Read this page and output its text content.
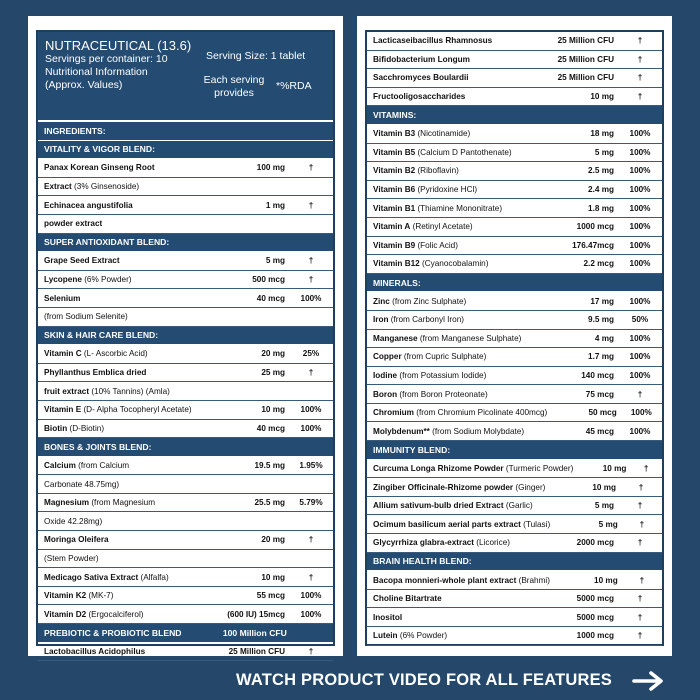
NUTRACEUTICAL (13.6)
Servings per container: 10
Nutritional Information
(Approx. Values)
Serving Size: 1 tablet
Each serving
provides
*%RDA
INGREDIENTS:
VITALITY & VIGOR BLEND:
Panax Korean Ginseng Root	100 mg	†
Extract (3% Ginsenoside)
Echinacea angustifolia	1 mg	†
powder extract
SUPER ANTIOXIDANT BLEND:
Grape Seed Extract	5 mg	†
Lycopene (6% Powder)	500 mcg	†
Selenium	40 mcg	100%
(from Sodium Selenite)
SKIN & HAIR CARE BLEND:
Vitamin C (L- Ascorbic Acid)	20 mg	25%
Phyllanthus Emblica dried	25 mg	†
fruit extract (10% Tannins) (Amla)
Vitamin E (D- Alpha Tocopheryl Acetate)	10 mg	100%
Biotin (D-Biotin)	40 mcg	100%
BONES & JOINTS BLEND:
Calcium (from Calcium	19.5 mg	1.95%
Carbonate 48.75mg)
Magnesium (from Magnesium	25.5 mg	5.79%
Oxide 42.28mg)
Moringa Oleifera	20 mg	†
(Stem Powder)
Medicago Sativa Extract (Alfalfa)	10 mg	†
Vitamin K2 (MK-7)	55 mcg	100%
Vitamin D2 (Ergocalciferol)	(600 IU) 15mcg	100%
PREBIOTIC & PROBIOTIC BLEND	100 Million CFU
Lactobacillus Acidophilus	25 Million CFU	†
Lacticaseibacillus Rhamnosus	25 Million CFU	†
Bifidobacterium Longum	25 Million CFU	†
Sacchromyces Boulardii	25 Million CFU	†
Fructooligosaccharides	10 mg	†
VITAMINS:
Vitamin B3 (Nicotinamide)	18 mg	100%
Vitamin B5 (Calcium D Pantothenate)	5 mg	100%
Vitamin B2 (Riboflavin)	2.5 mg	100%
Vitamin B6 (Pyridoxine HCl)	2.4 mg	100%
Vitamin B1 (Thiamine Mononitrate)	1.8 mg	100%
Vitamin A (Retinyl Acetate)	1000 mcg	100%
Vitamin B9 (Folic Acid)	176.47mcg	100%
Vitamin B12 (Cyanocobalamin)	2.2 mcg	100%
MINERALS:
Zinc (from Zinc Sulphate)	17 mg	100%
Iron (from Carbonyl Iron)	9.5 mg	50%
Manganese (from Manganese Sulphate)	4 mg	100%
Copper (from Cupric Sulphate)	1.7 mg	100%
Iodine (from Potassium Iodide)	140 mcg	100%
Boron (from Boron Proteonate)	75 mcg	†
Chromium (from Chromium Picolinate 400mcg)	50 mcg	100%
Molybdenum** (from Sodium Molybdate)	45 mcg	100%
IMMUNITY BLEND:
Curcuma Longa Rhizome Powder (Turmeric Powder)	10 mg	†
Zingiber Officinale-Rhizome powder (Ginger)	10 mg	†
Allium sativum-bulb dried Extract (Garlic)	5 mg	†
Ocimum basilicum aerial parts extract (Tulasi)	5 mg	†
Glycyrrhiza glabra-extract (Licorice)	2000 mcg	†
BRAIN HEALTH BLEND:
Bacopa monnieri-whole plant extract (Brahmi)	10 mg	†
Choline Bitartrate	5000 mcg	†
Inositol	5000 mcg	†
Lutein (6% Powder)	1000 mcg	†
WATCH PRODUCT VIDEO FOR ALL FEATURES
